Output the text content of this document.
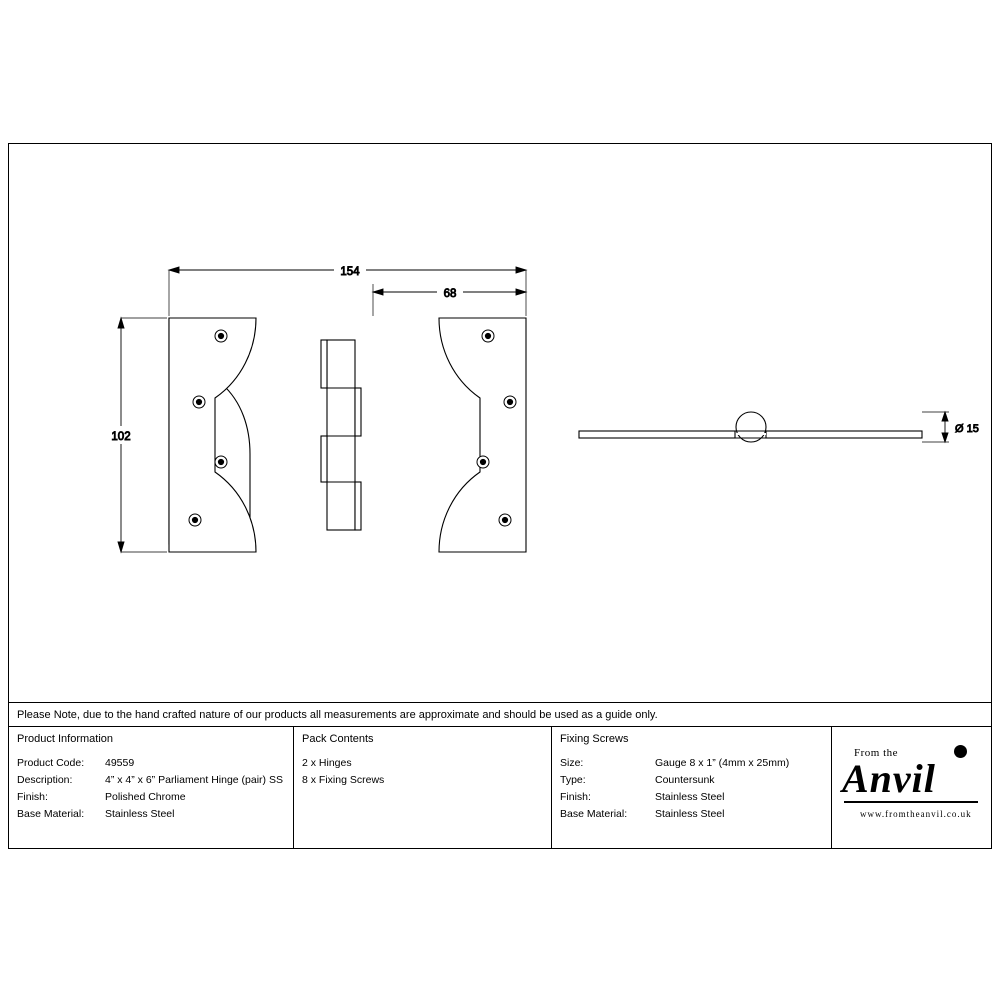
154
68
102
Ø 15
Please Note, due to the hand crafted nature of our products all measurements are approximate and should be used as a guide only.
Product Information
Product Code:	49559
Description:	4” x 4” x 6” Parliament Hinge (pair) SS
Finish:	Polished Chrome
Base Material:	Stainless Steel
Pack Contents
2 x Hinges
8 x Fixing Screws
Fixing Screws
Size:	Gauge 8 x 1” (4mm x 25mm)
Type:	Countersunk
Finish:	Stainless Steel
Base Material:	Stainless Steel
From the
Anvil
www.fromtheanvil.co.uk
